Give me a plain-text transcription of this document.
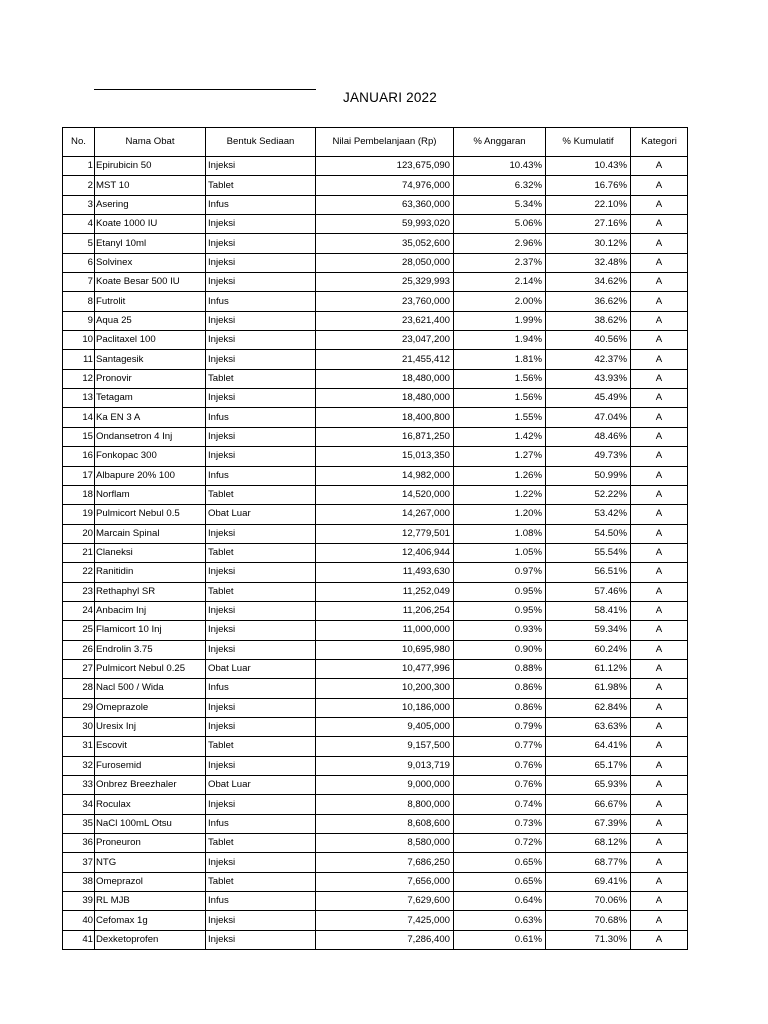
JANUARI 2022
No.	Nama Obat	Bentuk Sediaan	Nilai Pembelanjaan (Rp)	% Anggaran	% Kumulatif	Kategori
1	Epirubicin 50	Injeksi	123,675,090	10.43%	10.43%	A
2	MST 10	Tablet	74,976,000	6.32%	16.76%	A
3	Asering	Infus	63,360,000	5.34%	22.10%	A
4	Koate 1000 IU	Injeksi	59,993,020	5.06%	27.16%	A
5	Etanyl 10ml	Injeksi	35,052,600	2.96%	30.12%	A
6	Solvinex	Injeksi	28,050,000	2.37%	32.48%	A
7	Koate Besar 500 IU	Injeksi	25,329,993	2.14%	34.62%	A
8	Futrolit	Infus	23,760,000	2.00%	36.62%	A
9	Aqua 25	Injeksi	23,621,400	1.99%	38.62%	A
10	Paclitaxel 100	Injeksi	23,047,200	1.94%	40.56%	A
11	Santagesik	Injeksi	21,455,412	1.81%	42.37%	A
12	Pronovir	Tablet	18,480,000	1.56%	43.93%	A
13	Tetagam	Injeksi	18,480,000	1.56%	45.49%	A
14	Ka EN 3 A	Infus	18,400,800	1.55%	47.04%	A
15	Ondansetron 4 Inj	Injeksi	16,871,250	1.42%	48.46%	A
16	Fonkopac 300	Injeksi	15,013,350	1.27%	49.73%	A
17	Albapure 20% 100	Infus	14,982,000	1.26%	50.99%	A
18	Norflam	Tablet	14,520,000	1.22%	52.22%	A
19	Pulmicort Nebul 0.5	Obat Luar	14,267,000	1.20%	53.42%	A
20	Marcain Spinal	Injeksi	12,779,501	1.08%	54.50%	A
21	Claneksi	Tablet	12,406,944	1.05%	55.54%	A
22	Ranitidin	Injeksi	11,493,630	0.97%	56.51%	A
23	Rethaphyl SR	Tablet	11,252,049	0.95%	57.46%	A
24	Anbacim Inj	Injeksi	11,206,254	0.95%	58.41%	A
25	Flamicort 10 Inj	Injeksi	11,000,000	0.93%	59.34%	A
26	Endrolin 3.75	Injeksi	10,695,980	0.90%	60.24%	A
27	Pulmicort Nebul 0.25	Obat Luar	10,477,996	0.88%	61.12%	A
28	Nacl 500 / Wida	Infus	10,200,300	0.86%	61.98%	A
29	Omeprazole	Injeksi	10,186,000	0.86%	62.84%	A
30	Uresix Inj	Injeksi	9,405,000	0.79%	63.63%	A
31	Escovit	Tablet	9,157,500	0.77%	64.41%	A
32	Furosemid	Injeksi	9,013,719	0.76%	65.17%	A
33	Onbrez Breezhaler	Obat Luar	9,000,000	0.76%	65.93%	A
34	Roculax	Injeksi	8,800,000	0.74%	66.67%	A
35	NaCl 100mL Otsu	Infus	8,608,600	0.73%	67.39%	A
36	Proneuron	Tablet	8,580,000	0.72%	68.12%	A
37	NTG	Injeksi	7,686,250	0.65%	68.77%	A
38	Omeprazol	Tablet	7,656,000	0.65%	69.41%	A
39	RL MJB	Infus	7,629,600	0.64%	70.06%	A
40	Cefomax 1g	Injeksi	7,425,000	0.63%	70.68%	A
41	Dexketoprofen	Injeksi	7,286,400	0.61%	71.30%	A
